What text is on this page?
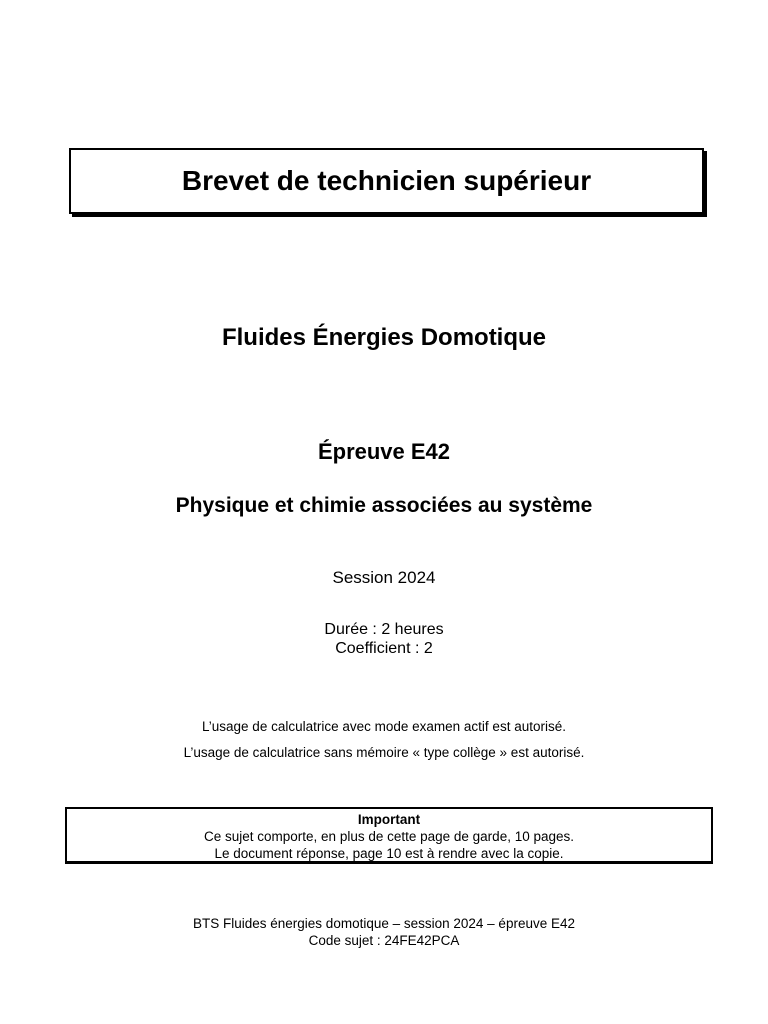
Brevet de technicien supérieur
Fluides Énergies Domotique
Épreuve E42
Physique et chimie associées au système

Session 2024

Durée : 2 heures
Coefficient : 2

L’usage de calculatrice avec mode examen actif est autorisé.

L’usage de calculatrice sans mémoire « type collège » est autorisé.

Important
Ce sujet comporte, en plus de cette page de garde, 10 pages.
Le document réponse, page 10 est à rendre avec la copie.
BTS Fluides énergies domotique – session 2024 – épreuve E42
Code sujet : 24FE42PCA
